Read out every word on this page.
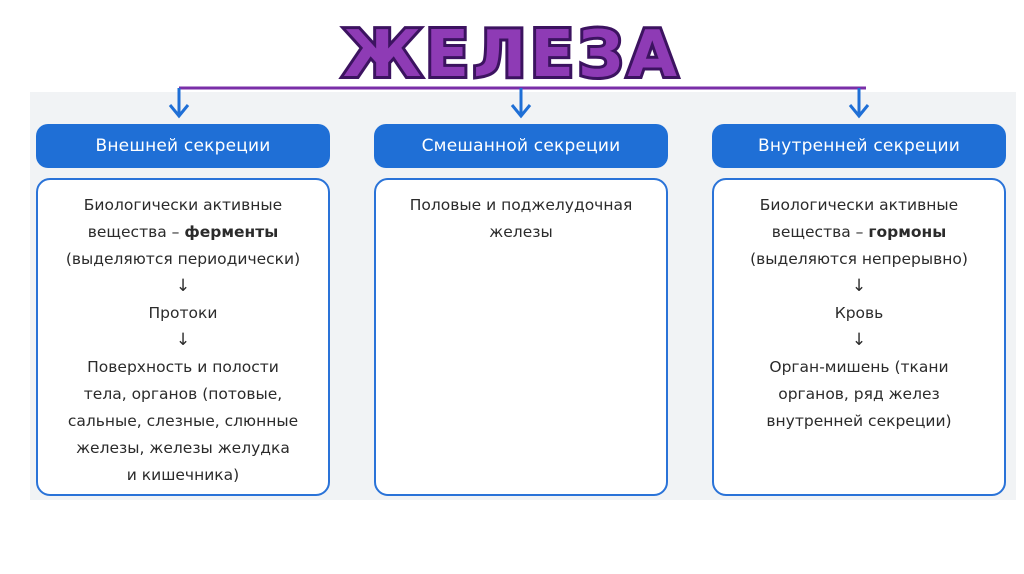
ЖЕЛЕЗА
Внешней секреции
Биологически активные
вещества – ферменты
(выделяются периодически)
↓
Протоки
↓
Поверхность и полости
тела, органов (потовые,
сальные, слезные, слюнные
железы, железы желудка
и кишечника)
Смешанной секреции
Половые и поджелудочная
железы
Внутренней секреции
Биологически активные
вещества – гормоны
(выделяются непрерывно)
↓
Кровь
↓
Орган-мишень (ткани
органов, ряд желез
внутренней секреции)
